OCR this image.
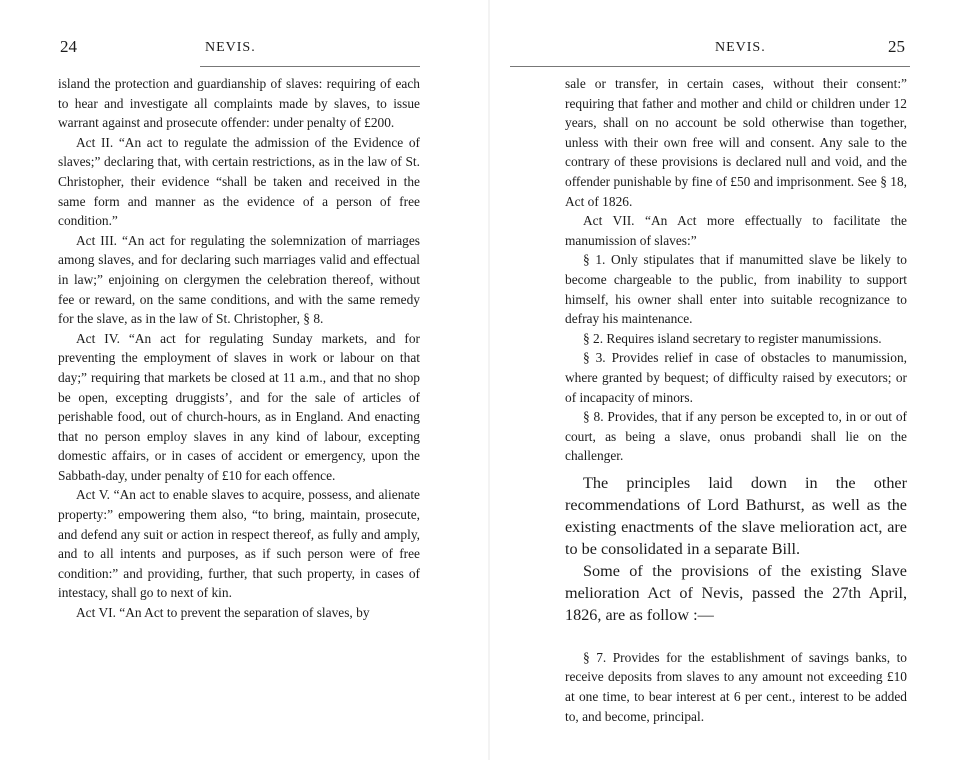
24	NEVIS.

island the protection and guardianship of slaves: requiring of each to hear and investigate all complaints made by slaves, to issue warrant against and prosecute offender: under penalty of £200.

Act II. “An act to regulate the admission of the Evidence of slaves;” declaring that, with certain restrictions, as in the law of St. Christopher, their evidence “shall be taken and received in the same form and manner as the evidence of a person of free condition.”

Act III. “An act for regulating the solemnization of marriages among slaves, and for declaring such marriages valid and effectual in law;” enjoining on clergymen the celebration thereof, without fee or reward, on the same conditions, and with the same remedy for the slave, as in the law of St. Christopher, § 8.

Act IV. “An act for regulating Sunday markets, and for preventing the employment of slaves in work or labour on that day;” requiring that markets be closed at 11 a.m., and that no shop be open, excepting druggists’, and for the sale of articles of perishable food, out of church-hours, as in England. And enacting that no person employ slaves in any kind of labour, excepting domestic affairs, or in cases of accident or emergency, upon the Sabbath-day, under penalty of £10 for each offence.

Act V. “An act to enable slaves to acquire, possess, and alienate property:” empowering them also, “to bring, maintain, prosecute, and defend any suit or action in respect thereof, as fully and amply, and to all intents and purposes, as if such person were of free condition:” and providing, further, that such property, in cases of intestacy, shall go to next of kin.

Act VI. “An Act to prevent the separation of slaves, by

25
NEVIS.

sale or transfer, in certain cases, without their consent:” requiring that father and mother and child or children under 12 years, shall on no account be sold otherwise than together, unless with their own free will and consent. Any sale to the contrary of these provisions is declared null and void, and the offender punishable by fine of £50 and imprisonment. See § 18, Act of 1826.

Act VII. “An Act more effectually to facilitate the manumission of slaves:”

§ 1. Only stipulates that if manumitted slave be likely to become chargeable to the public, from inability to support himself, his owner shall enter into suitable recognizance to defray his maintenance.

§ 2. Requires island secretary to register manumissions.

§ 3. Provides relief in case of obstacles to manumission, where granted by bequest; of difficulty raised by executors; or of incapacity of minors.

§ 8. Provides, that if any person be excepted to, in or out of court, as being a slave, onus probandi shall lie on the challenger.

The principles laid down in the other recommendations of Lord Bathurst, as well as the existing enactments of the slave melioration act, are to be consolidated in a separate Bill.

Some of the provisions of the existing Slave melioration Act of Nevis, passed the 27th April, 1826, are as follow :—

§ 7. Provides for the establishment of savings banks, to receive deposits from slaves to any amount not exceeding £10 at one time, to bear interest at 6 per cent., interest to be added to, and become, principal.
